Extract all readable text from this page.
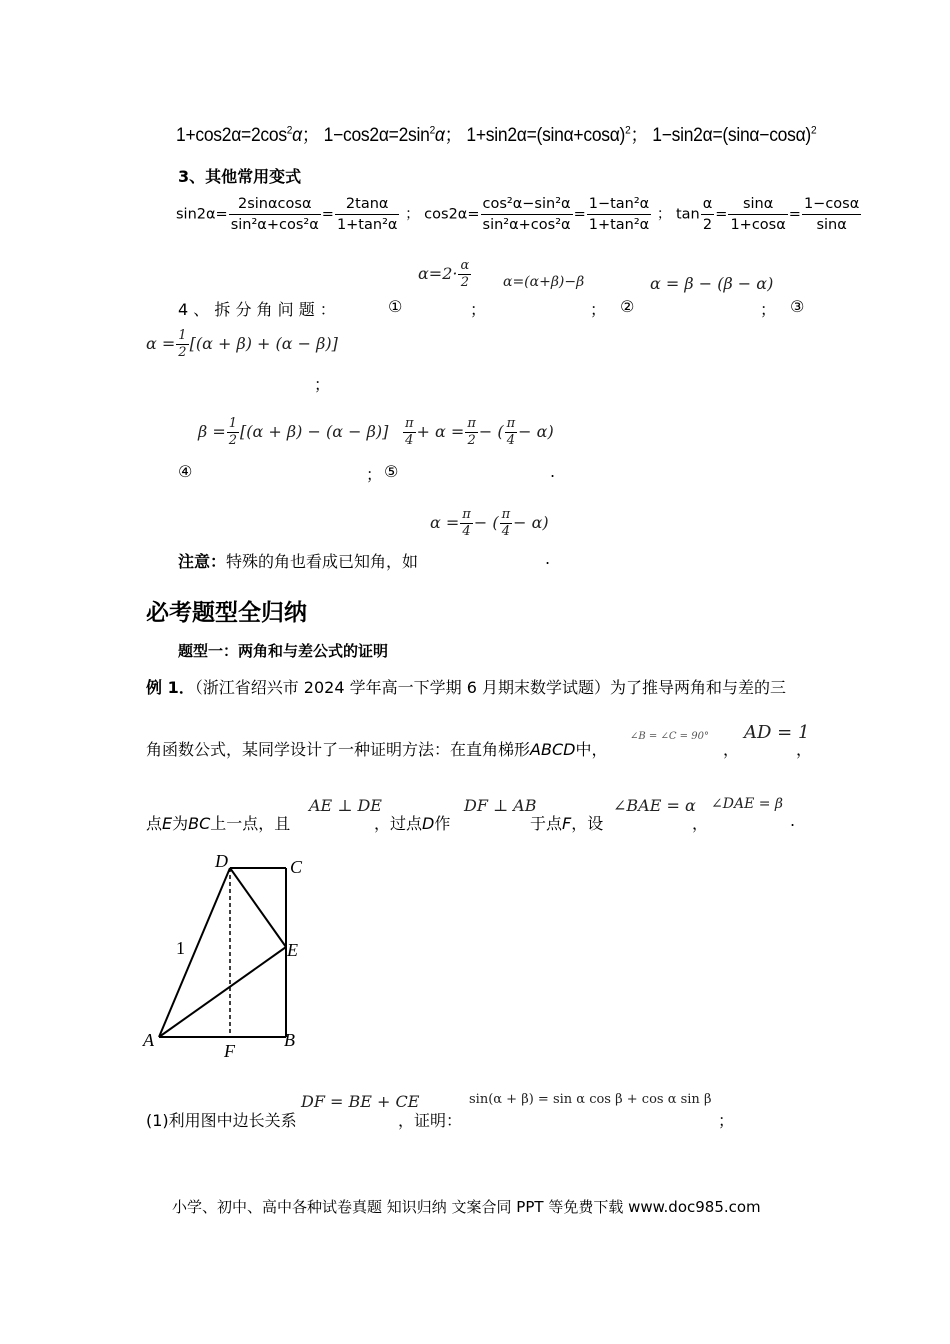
$1+\cos 2\alpha=2\cos^2\alpha$； $1-\cos 2\alpha=2\sin^2\alpha$； $1+\sin 2\alpha=(\sin\alpha+\cos\alpha)^2$； $1-\sin 2\alpha=(\sin\alpha-\cos\alpha)^2$
3、其他常用变式
$\sin 2\alpha= \frac{2\sin\alpha\cos\alpha}{\text{sin²α+cos²α}} = \frac{2\tan\alpha}{\text{1+tan²α}}$ ； $\cos 2\alpha= \frac{\text{cos²α−sin²α}}{\text{sin²α+cos²α}} = \frac{\text{1−tan²α}}{\text{1+tan²α}}$ ； $\tan \frac{\alpha}{2} = \frac{\sin\alpha}{1+\cos\alpha} = \frac{1-\cos\alpha}{\sin\alpha}$
$\alpha=2\cdot \frac{\alpha}{2} \alpha=(\alpha+\beta)-\beta$	α = β − (β − α)
4 、 拆 分 角 问 题 ：	①	；	； ②	； ③
$\alpha = \frac{1}{2} [(\alpha + \beta) + (\alpha - \beta)]$
；
$\beta = \frac{1}{2} [(\alpha + \beta) - (\alpha - \beta)] \frac{\pi}{4} + \alpha = \frac{\pi}{2}$ − ( $\frac{\pi}{4} - \alpha$)
④	； ⑤	.
$\alpha = \frac{\pi}{4}$ − ( $\frac{\pi}{4} - \alpha$)
注意：特殊的角也看成已知角，如	.
必考题型全归纳
题型一：两角和与差公式的证明
例 1．（浙江省绍兴市 2024 学年高一下学期 6 月期末数学试题）为了推导两角和与差的三
角函数公式，某同学设计了一种证明方法：在直角梯形ABCD中，
∠B = ∠C = 90°
，
AD = 1
，
点E为BC上一点，且
AE ⊥ DE
，过点D作
DF ⊥ AB
于点F，设
∠BAE = α
，
∠DAE = β
.
D	C
E
A
F
B
1
(1)利用图中边长关系
DF = BE + CE
，证明：
sin(α + β) = sin α cos β + cos α sin β
；
小学、初中、高中各种试卷真题 知识归纳 文案合同 PPT 等免费下载 www.doc985.com
